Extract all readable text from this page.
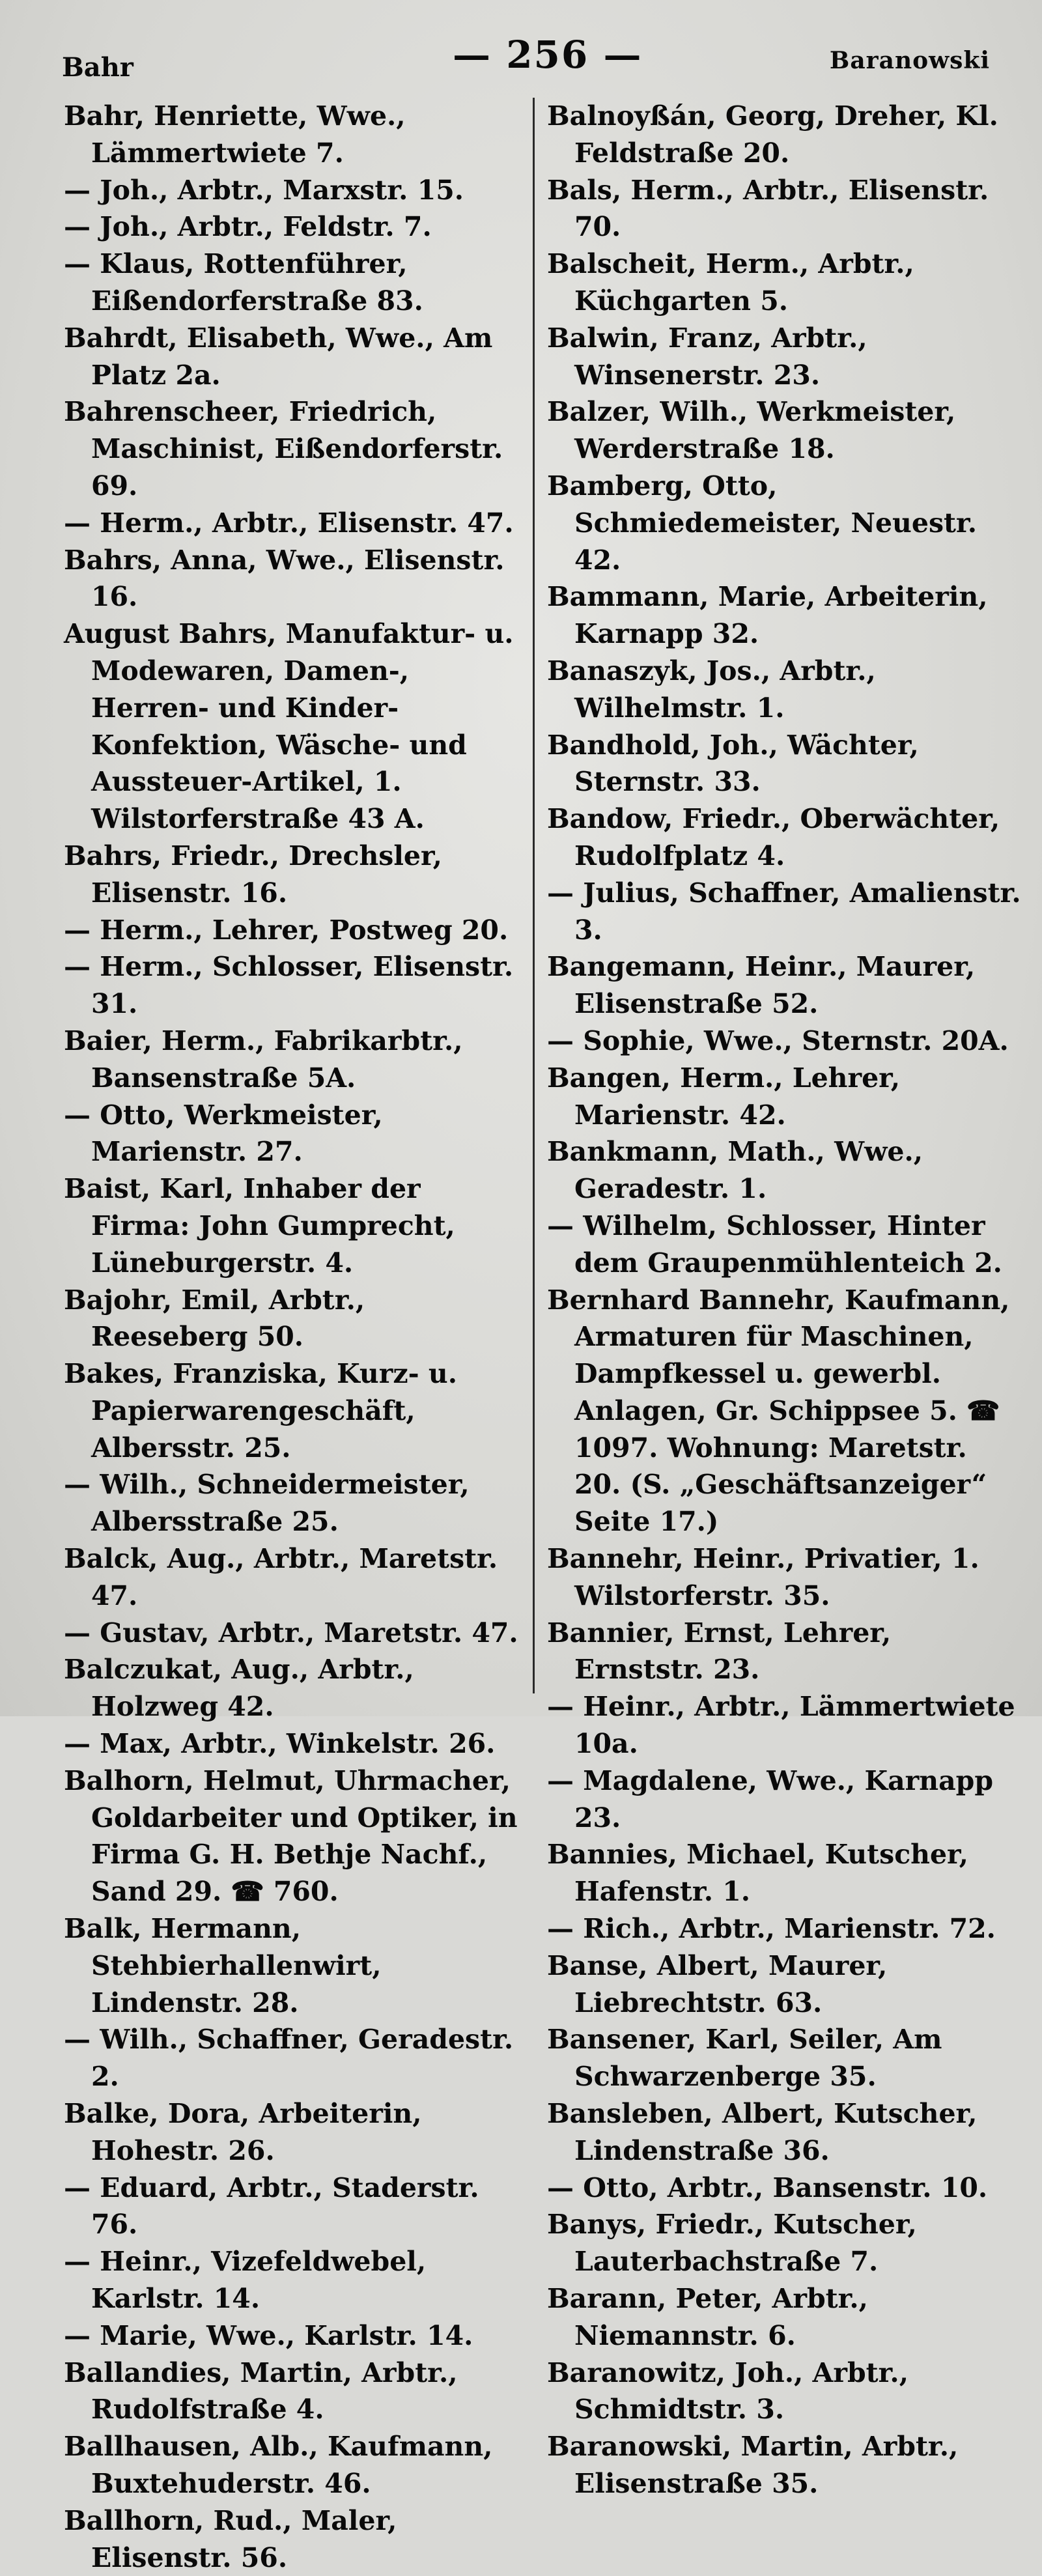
Bahr	— 256 —	Baranowski
Bahr, Henriette, Wwe., Lämmertwiete 7.
— Joh., Arbtr., Marxstr. 15.
— Joh., Arbtr., Feldstr. 7.
— Klaus, Rottenführer, Eißendorferstraße 83.
Bahrdt, Elisabeth, Wwe., Am Platz 2a.
Bahrenscheer, Friedrich, Maschinist, Eißendorferstr. 69.
— Herm., Arbtr., Elisenstr. 47.
Bahrs, Anna, Wwe., Elisenstr. 16.
August Bahrs, Manufaktur- u. Modewaren, Damen-, Herren- und Kinder-Konfektion, Wäsche- und Aussteuer-Artikel, 1. Wilstorferstraße 43 A.
Bahrs, Friedr., Drechsler, Elisenstr. 16.
— Herm., Lehrer, Postweg 20.
— Herm., Schlosser, Elisenstr. 31.
Baier, Herm., Fabrikarbtr., Bansenstraße 5A.
— Otto, Werkmeister, Marienstr. 27.
Baist, Karl, Inhaber der Firma: John Gumprecht, Lüneburgerstr. 4.
Bajohr, Emil, Arbtr., Reeseberg 50.
Bakes, Franziska, Kurz- u. Papierwarengeschäft, Albersstr. 25.
— Wilh., Schneidermeister, Albersstraße 25.
Balck, Aug., Arbtr., Maretstr. 47.
— Gustav, Arbtr., Maretstr. 47.
Balczukat, Aug., Arbtr., Holzweg 42.
— Max, Arbtr., Winkelstr. 26.
Balhorn, Helmut, Uhrmacher, Goldarbeiter und Optiker, in Firma G. H. Bethje Nachf., Sand 29. ☎ 760.
Balk, Hermann, Stehbierhallenwirt, Lindenstr. 28.
— Wilh., Schaffner, Geradestr. 2.
Balke, Dora, Arbeiterin, Hohestr. 26.
— Eduard, Arbtr., Staderstr. 76.
— Heinr., Vizefeldwebel, Karlstr. 14.
— Marie, Wwe., Karlstr. 14.
Ballandies, Martin, Arbtr., Rudolfstraße 4.
Ballhausen, Alb., Kaufmann, Buxtehuderstr. 46.
Ballhorn, Rud., Maler, Elisenstr. 56.
Balnoyßán, Georg, Dreher, Kl. Feldstraße 20.
Bals, Herm., Arbtr., Elisenstr. 70.
Balscheit, Herm., Arbtr., Küchgarten 5.
Balwin, Franz, Arbtr., Winsenerstr. 23.
Balzer, Wilh., Werkmeister, Werderstraße 18.
Bamberg, Otto, Schmiedemeister, Neuestr. 42.
Bammann, Marie, Arbeiterin, Karnapp 32.
Banaszyk, Jos., Arbtr., Wilhelmstr. 1.
Bandhold, Joh., Wächter, Sternstr. 33.
Bandow, Friedr., Oberwächter, Rudolfplatz 4.
— Julius, Schaffner, Amalienstr. 3.
Bangemann, Heinr., Maurer, Elisenstraße 52.
— Sophie, Wwe., Sternstr. 20A.
Bangen, Herm., Lehrer, Marienstr. 42.
Bankmann, Math., Wwe., Geradestr. 1.
— Wilhelm, Schlosser, Hinter dem Graupenmühlenteich 2.
Bernhard Bannehr, Kaufmann, Armaturen für Maschinen, Dampfkessel u. gewerbl. Anlagen, Gr. Schippsee 5. ☎ 1097. Wohnung: Maretstr. 20. (S. „Geschäftsanzeiger“ Seite 17.)
Bannehr, Heinr., Privatier, 1. Wilstorferstr. 35.
Bannier, Ernst, Lehrer, Ernststr. 23.
— Heinr., Arbtr., Lämmertwiete 10a.
— Magdalene, Wwe., Karnapp 23.
Bannies, Michael, Kutscher, Hafenstr. 1.
— Rich., Arbtr., Marienstr. 72.
Banse, Albert, Maurer, Liebrechtstr. 63.
Bansener, Karl, Seiler, Am Schwarzenberge 35.
Bansleben, Albert, Kutscher, Lindenstraße 36.
— Otto, Arbtr., Bansenstr. 10.
Banys, Friedr., Kutscher, Lauterbachstraße 7.
Barann, Peter, Arbtr., Niemannstr. 6.
Baranowitz, Joh., Arbtr., Schmidtstr. 3.
Baranowski, Martin, Arbtr., Elisenstraße 35.
